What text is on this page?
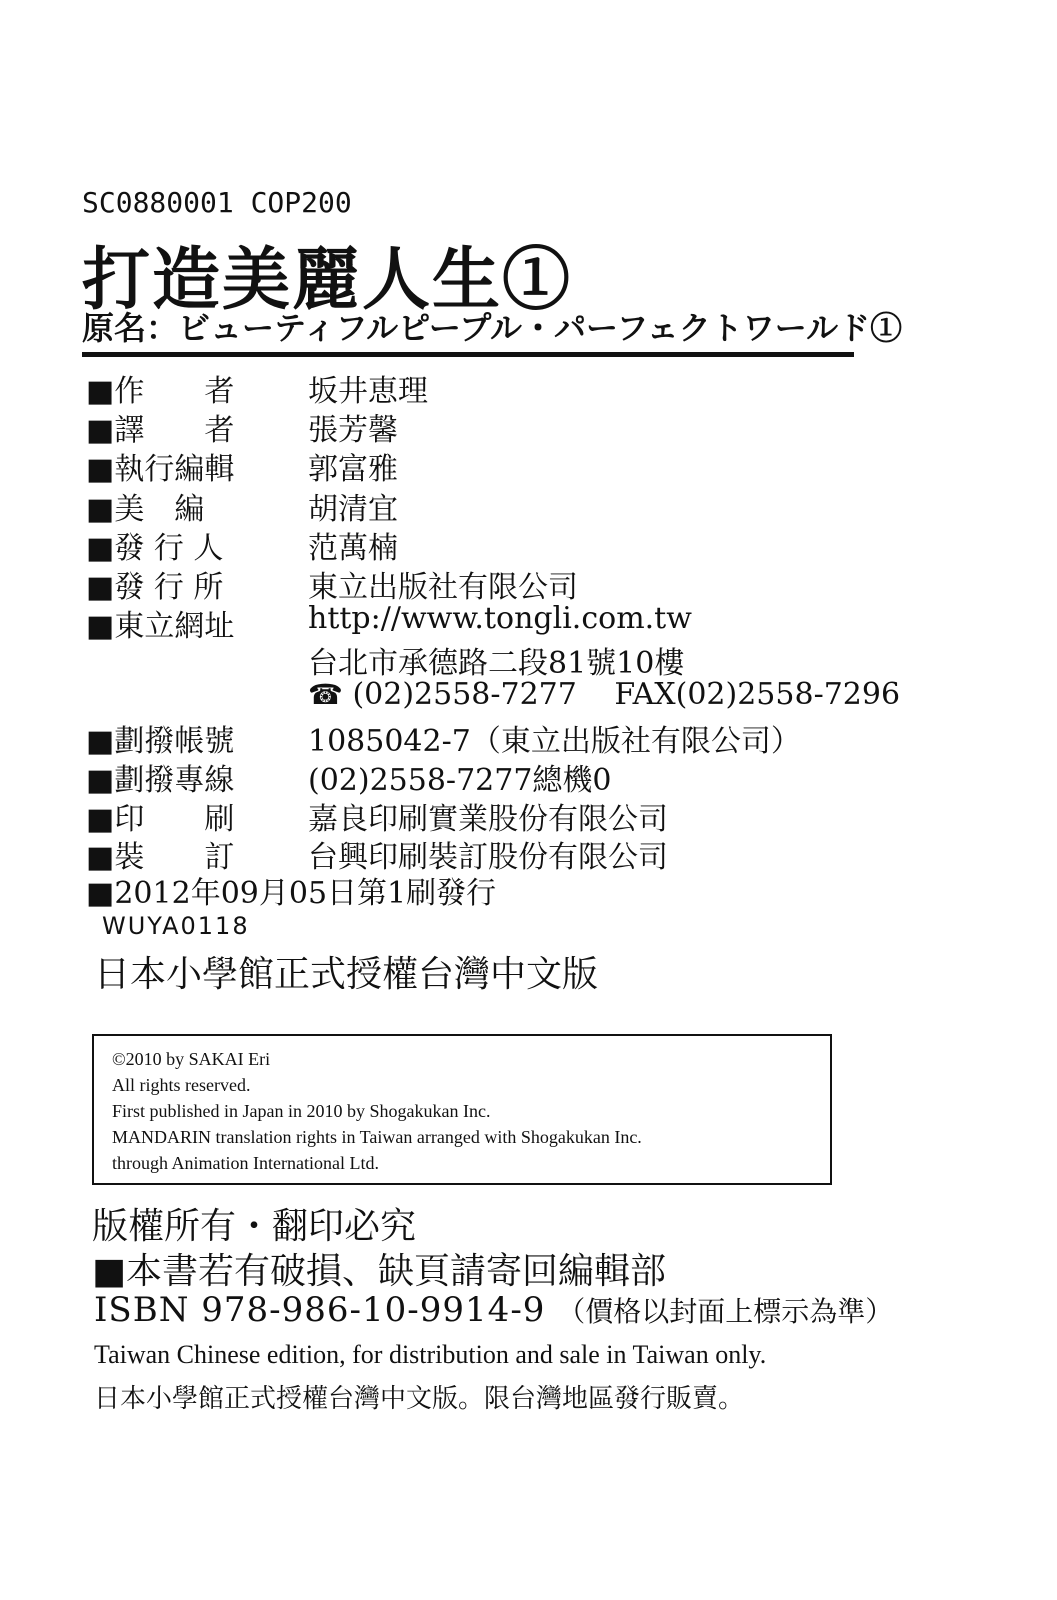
SC0880001 COP200
打造美麗人生①
原名：ビューティフルピープル・パーフェクトワールド①
■作　　者 坂井恵理
■譯　　者 張芳馨
■執行編輯 郭富雅
■美　編	胡清宜
■發 行 人	范萬楠
■發 行 所	東立出版社有限公司
■東立網址 http://www.tongli.com.tw
台北市承德路二段81號10樓
☎ (02)2558-7277 FAX(02)2558-7296
■劃撥帳號 1085042-7（東立出版社有限公司）
■劃撥專線 (02)2558-7277總機0
■印　　刷 嘉良印刷實業股份有限公司
■裝　　訂 台興印刷裝訂股份有限公司
■2012年09月05日第1刷發行
WUYA0118
日本小學館正式授權台灣中文版
©2010 by SAKAI Eri
All rights reserved.
First published in Japan in 2010 by Shogakukan Inc.
MANDARIN translation rights in Taiwan arranged with Shogakukan Inc.
through Animation International Ltd.
版權所有・翻印必究
■本書若有破損、缺頁請寄回編輯部
ISBN 978-986-10-9914-9 （價格以封面上標示為準）
Taiwan Chinese edition, for distribution and sale in Taiwan only.
日本小學館正式授權台灣中文版。限台灣地區發行販賣。
